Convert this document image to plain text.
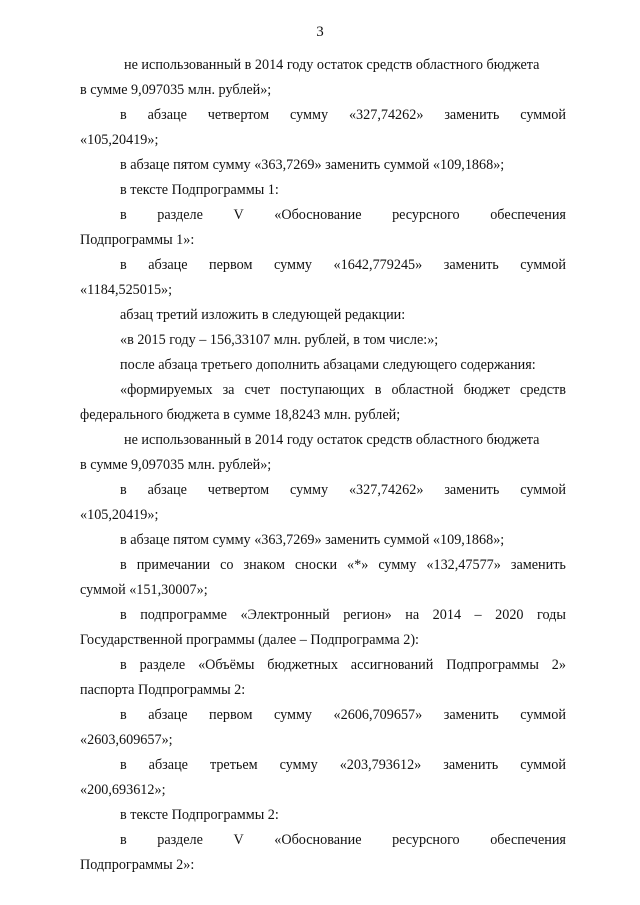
3
не использованный в 2014 году остаток средств областного бюджета
в сумме 9,097035 млн. рублей»;
в абзаце четвертом сумму «327,74262» заменить суммой
«105,20419»;
в абзаце пятом сумму «363,7269» заменить суммой «109,1868»;
в тексте Подпрограммы 1:
в разделе V «Обоснование ресурсного обеспечения
Подпрограммы 1»:
в абзаце первом сумму «1642,779245» заменить суммой
«1184,525015»;
абзац третий изложить в следующей редакции:
«в 2015 году – 156,33107 млн. рублей, в том числе:»;
после абзаца третьего дополнить абзацами следующего содержания:
«формируемых за счет поступающих в областной бюджет средств
федерального бюджета в сумме 18,8243 млн. рублей;
не использованный в 2014 году остаток средств областного бюджета
в сумме 9,097035 млн. рублей»;
в абзаце четвертом сумму «327,74262» заменить суммой
«105,20419»;
в абзаце пятом сумму «363,7269» заменить суммой «109,1868»;
в примечании со знаком сноски «*» сумму «132,47577» заменить
суммой «151,30007»;
в подпрограмме «Электронный регион» на 2014 – 2020 годы
Государственной программы (далее – Подпрограмма 2):
в разделе «Объёмы бюджетных ассигнований Подпрограммы 2»
паспорта Подпрограммы 2:
в абзаце первом сумму «2606,709657» заменить суммой
«2603,609657»;
в абзаце третьем сумму «203,793612» заменить суммой
«200,693612»;
в тексте Подпрограммы 2:
в разделе V «Обоснование ресурсного обеспечения
Подпрограммы 2»:
